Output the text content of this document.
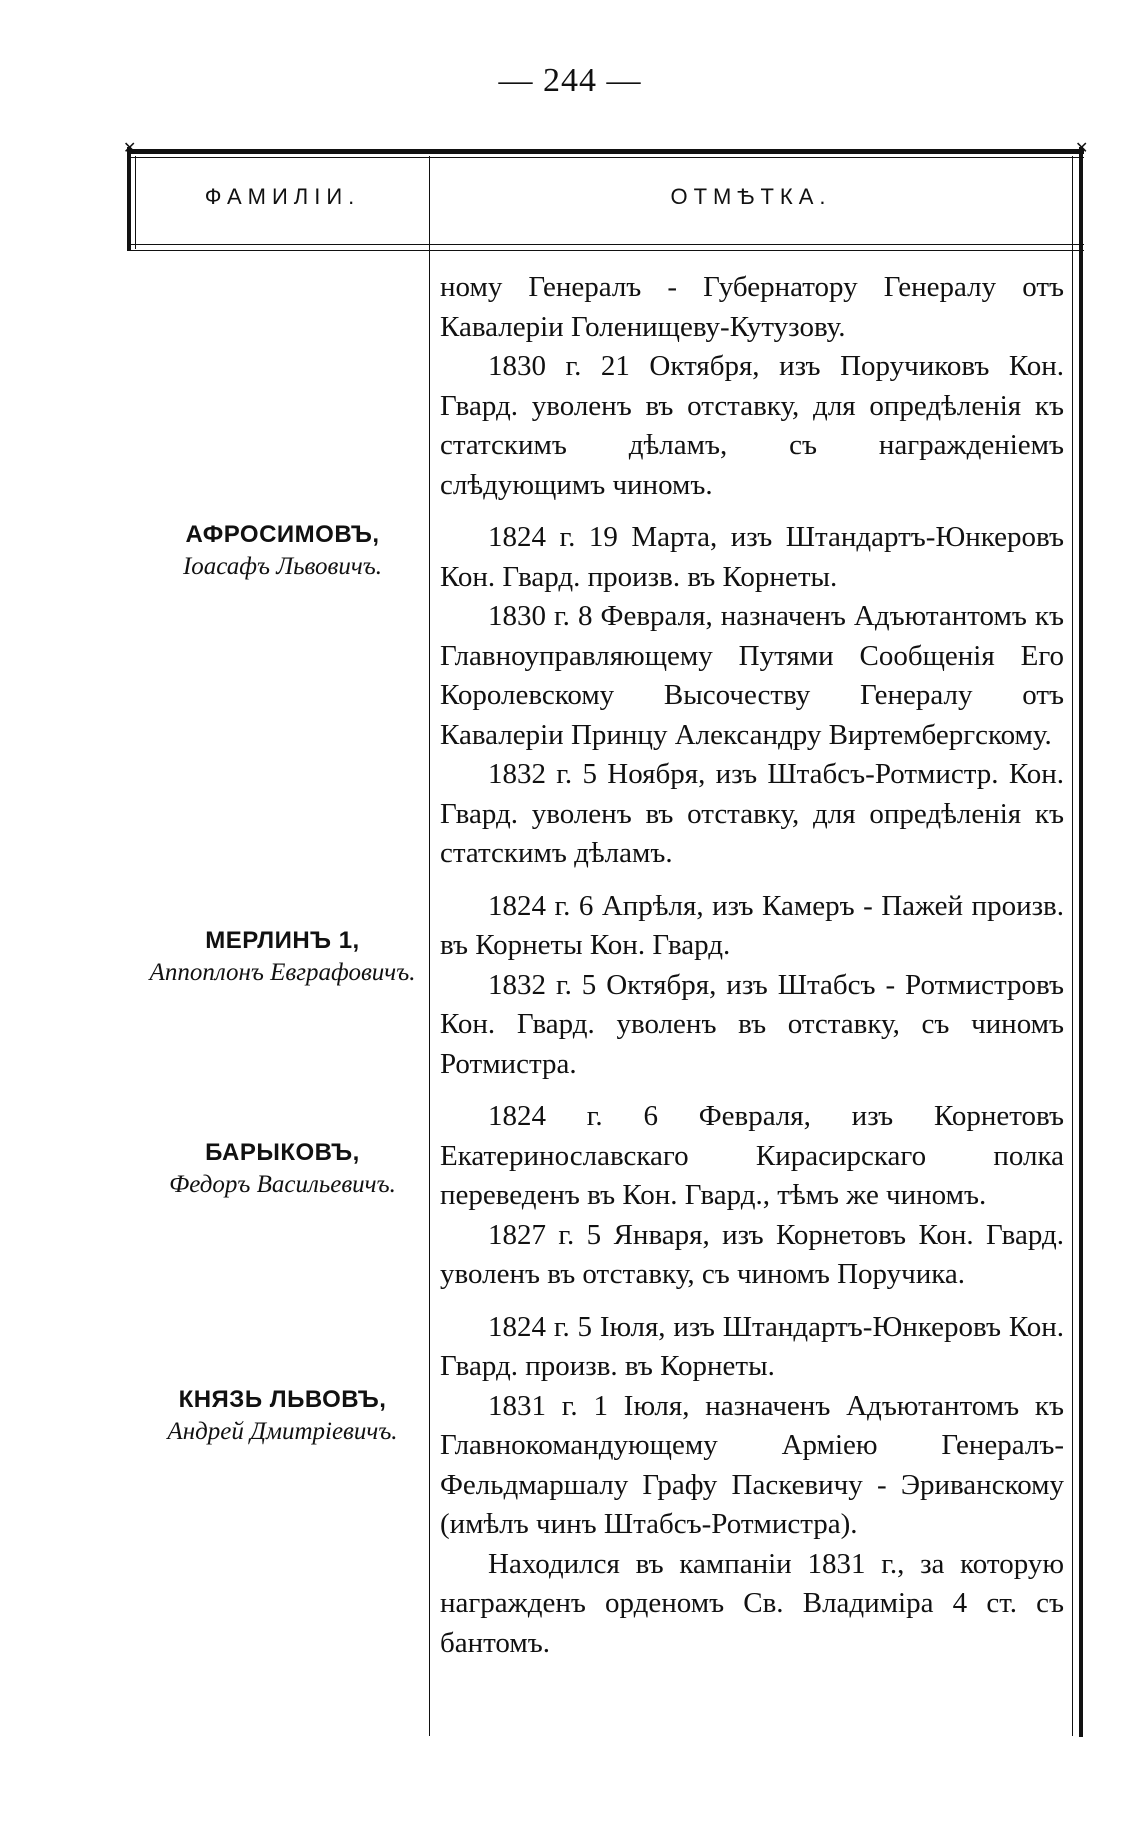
— 244 —
✕	✕
ФАМИЛІИ.	ОТМѢТКА.
АФРОСИМОВЪ,
Іоасафъ Львовичъ.
МЕРЛИНЪ 1,
Аппоплонъ Евграфовичъ.
БАРЫКОВЪ,
Федоръ Васильевичъ.
КНЯЗЬ ЛЬВОВЪ,
Андрей Дмитріевичъ.

ному Генералъ - Губернатору Генералу отъ Кавалеріи Голенищеву-Кутузову.

1830 г. 21 Октября, изъ Поручиковъ Кон. Гвард. уволенъ въ отставку, для опредѣленія къ статскимъ дѣламъ, съ награжденіемъ слѣдующимъ чиномъ.

1824 г. 19 Марта, изъ Штандартъ-Юнкеровъ Кон. Гвард. произв. въ Корнеты.

1830 г. 8 Февраля, назначенъ Адъютантомъ къ Главноуправляющему Путями Сообщенія Его Королевскому Высочеству Генералу отъ Кавалеріи Принцу Александру Виртембергскому.

1832 г. 5 Ноября, изъ Штабсъ-Ротмистр. Кон. Гвард. уволенъ въ отставку, для опредѣленія къ статскимъ дѣламъ.

1824 г. 6 Апрѣля, изъ Камеръ - Пажей произв. въ Корнеты Кон. Гвард.

1832 г. 5 Октября, изъ Штабсъ - Ротмистровъ Кон. Гвард. уволенъ въ отставку, съ чиномъ Ротмистра.

1824 г. 6 Февраля, изъ Корнетовъ Екатеринославскаго Кирасирскаго полка переведенъ въ Кон. Гвард., тѣмъ же чиномъ.

1827 г. 5 Января, изъ Корнетовъ Кон. Гвард. уволенъ въ отставку, съ чиномъ Поручика.

1824 г. 5 Іюля, изъ Штандартъ-Юнкеровъ Кон. Гвард. произв. въ Корнеты.

1831 г. 1 Іюля, назначенъ Адъютантомъ къ Главнокомандующему Арміею Генералъ-Фельдмаршалу Графу Паскевичу - Эриванскому (имѣлъ чинъ Штабсъ-Ротмистра).

Находился въ кампаніи 1831 г., за которую награжденъ орденомъ Св. Владиміра 4 ст. съ бантомъ.
